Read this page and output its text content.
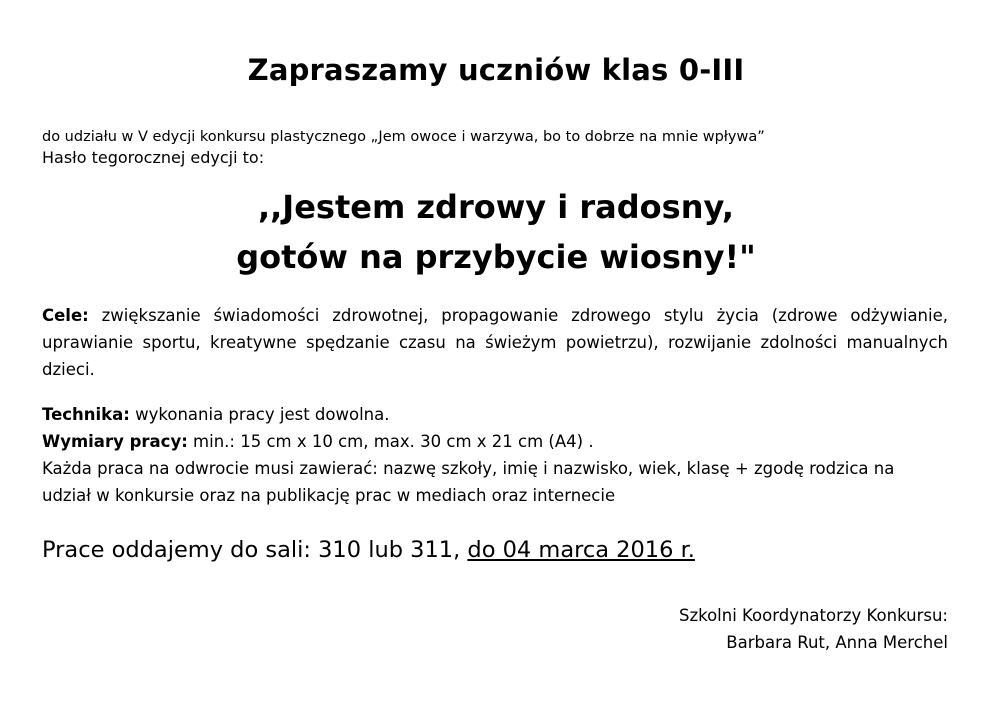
Zapraszamy uczniów klas 0-III
do udziału w V edycji konkursu plastycznego „Jem owoce i warzywa, bo to dobrze na mnie wpływa”
Hasło tegorocznej edycji to:
,,Jestem zdrowy i radosny,
gotów na przybycie wiosny!"
Cele: zwiększanie świadomości zdrowotnej, propagowanie zdrowego stylu życia (zdrowe odżywianie, uprawianie sportu, kreatywne spędzanie czasu na świeżym powietrzu), rozwijanie zdolności manualnych dzieci.
Technika: wykonania pracy jest dowolna.
Wymiary pracy: min.: 15 cm x 10 cm, max. 30 cm x 21 cm (A4) .
Każda praca na odwrocie musi zawierać: nazwę szkoły, imię i nazwisko, wiek, klasę + zgodę rodzica na udział w konkursie oraz na publikację prac w mediach oraz internecie
Prace oddajemy do sali: 310 lub 311, do 04 marca 2016 r.
Szkolni Koordynatorzy Konkursu:
Barbara Rut, Anna Merchel
